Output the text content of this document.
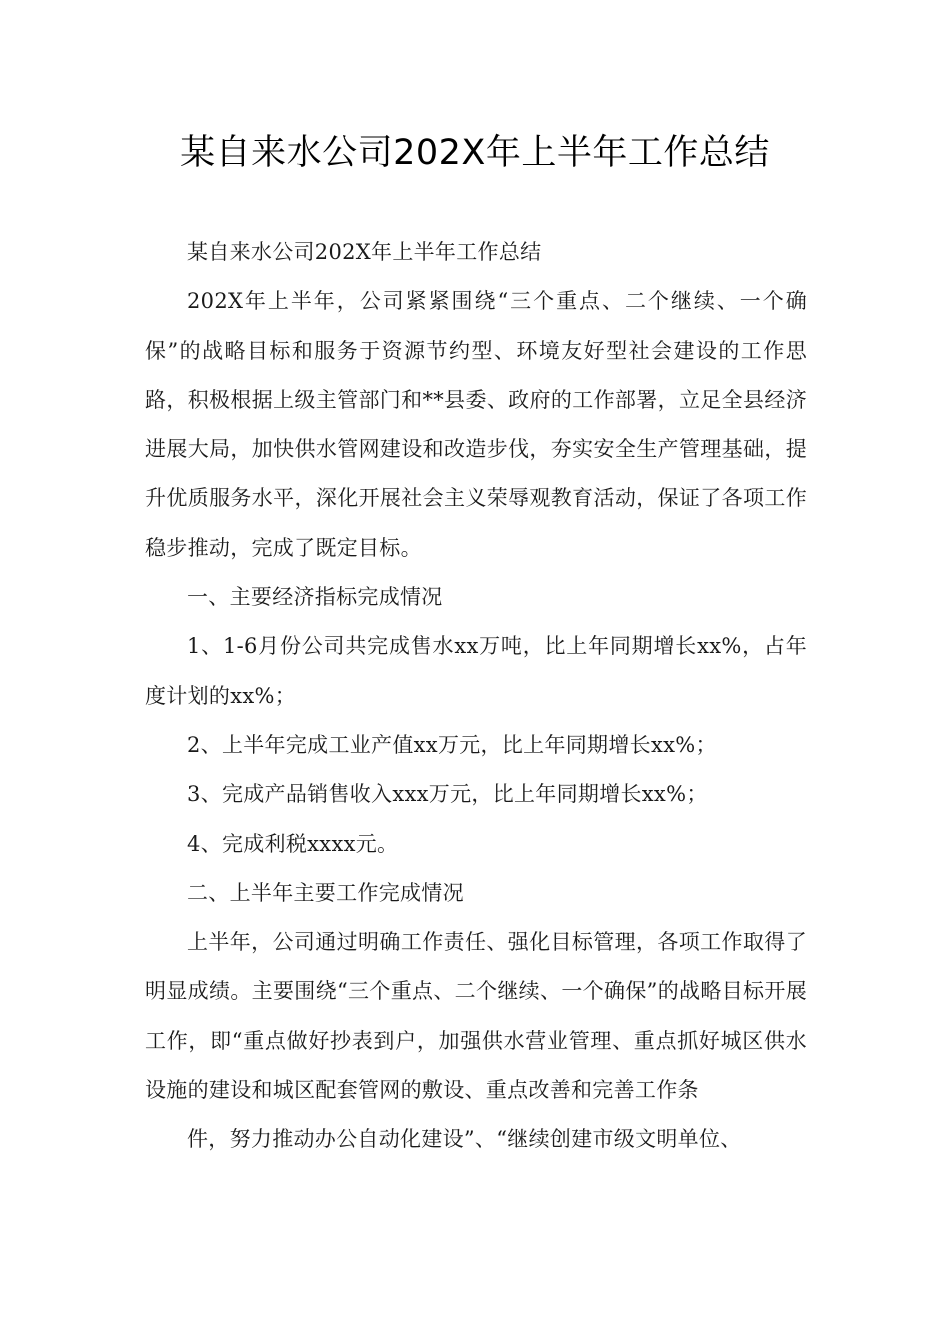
某自来水公司202X年上半年工作总结

某自来水公司202X年上半年工作总结

202X年上半年，公司紧紧围绕“三个重点、二个继续、一个确保”的战略目标和服务于资源节约型、环境友好型社会建设的工作思路，积极根据上级主管部门和**县委、政府的工作部署，立足全县经济进展大局，加快供水管网建设和改造步伐，夯实安全生产管理基础，提升优质服务水平，深化开展社会主义荣辱观教育活动，保证了各项工作稳步推动，完成了既定目标。

一、主要经济指标完成情况

1、1-6月份公司共完成售水xx万吨，比上年同期增长xx%，占年度计划的xx%；

2、上半年完成工业产值xx万元，比上年同期增长xx%；

3、完成产品销售收入xxx万元，比上年同期增长xx%；

4、完成利税xxxx元。

二、上半年主要工作完成情况

上半年，公司通过明确工作责任、强化目标管理，各项工作取得了明显成绩。主要围绕“三个重点、二个继续、一个确保”的战略目标开展工作，即“重点做好抄表到户，加强供水营业管理、重点抓好城区供水设施的建设和城区配套管网的敷设、重点改善和完善工作条

件，努力推动办公自动化建设”、“继续创建市级文明单位、
